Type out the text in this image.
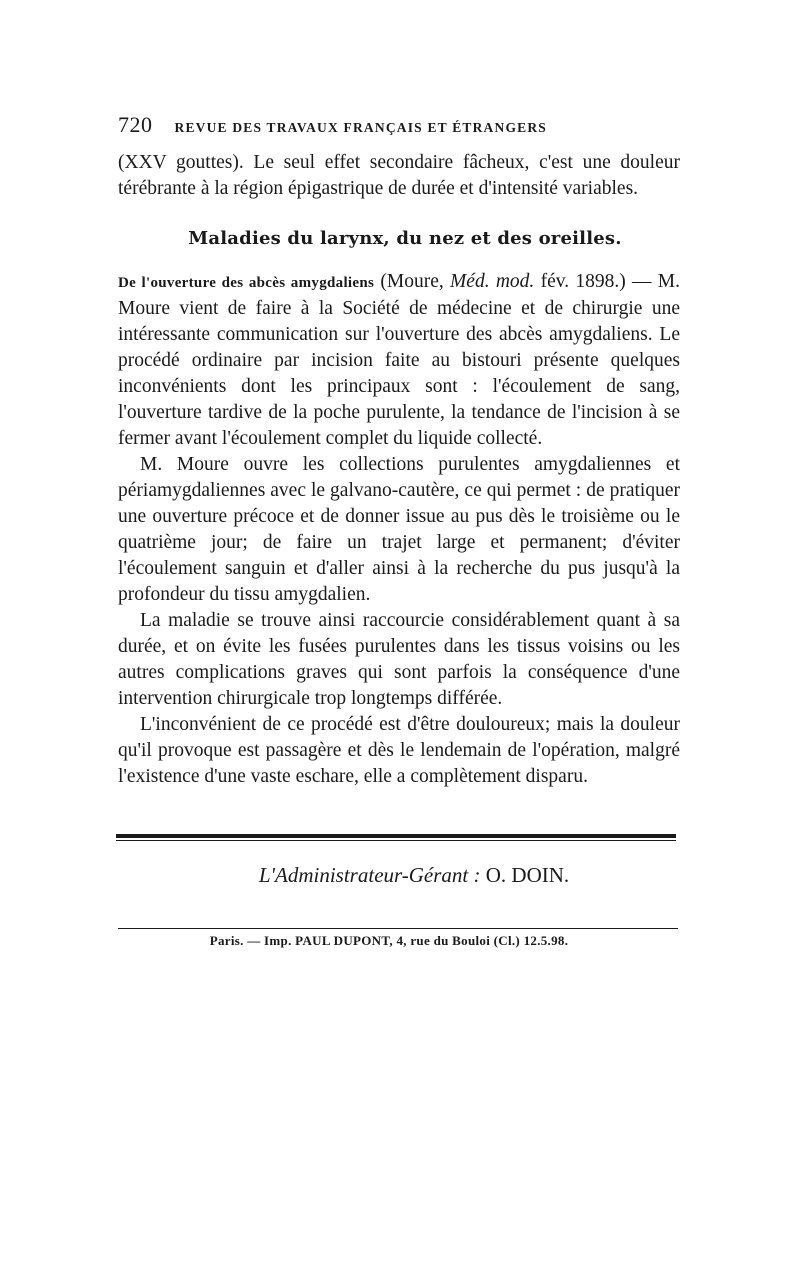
720 REVUE DES TRAVAUX FRANÇAIS ET ÉTRANGERS

(XXV gouttes). Le seul effet secondaire fâcheux, c'est une douleur térébrante à la région épigastrique de durée et d'intensité variables.

Maladies du larynx, du nez et des oreilles.

De l'ouverture des abcès amygdaliens (Moure, Méd. mod. fév. 1898.) — M. Moure vient de faire à la Société de médecine et de chirurgie une intéressante communication sur l'ouverture des abcès amygdaliens. Le procédé ordinaire par incision faite au bistouri présente quelques inconvénients dont les principaux sont : l'écoulement de sang, l'ouverture tardive de la poche purulente, la tendance de l'incision à se fermer avant l'écoulement complet du liquide collecté.

M. Moure ouvre les collections purulentes amygdaliennes et périamygdaliennes avec le galvano-cautère, ce qui permet : de pratiquer une ouverture précoce et de donner issue au pus dès le troisième ou le quatrième jour; de faire un trajet large et permanent; d'éviter l'écoulement sanguin et d'aller ainsi à la recherche du pus jusqu'à la profondeur du tissu amygdalien.

La maladie se trouve ainsi raccourcie considérablement quant à sa durée, et on évite les fusées purulentes dans les tissus voisins ou les autres complications graves qui sont parfois la conséquence d'une intervention chirurgicale trop longtemps différée.

L'inconvénient de ce procédé est d'être douloureux; mais la douleur qu'il provoque est passagère et dès le lendemain de l'opération, malgré l'existence d'une vaste eschare, elle a complètement disparu.

L'Administrateur-Gérant : O. DOIN.
Paris. — Imp. PAUL DUPONT, 4, rue du Bouloi (Cl.) 12.5.98.
